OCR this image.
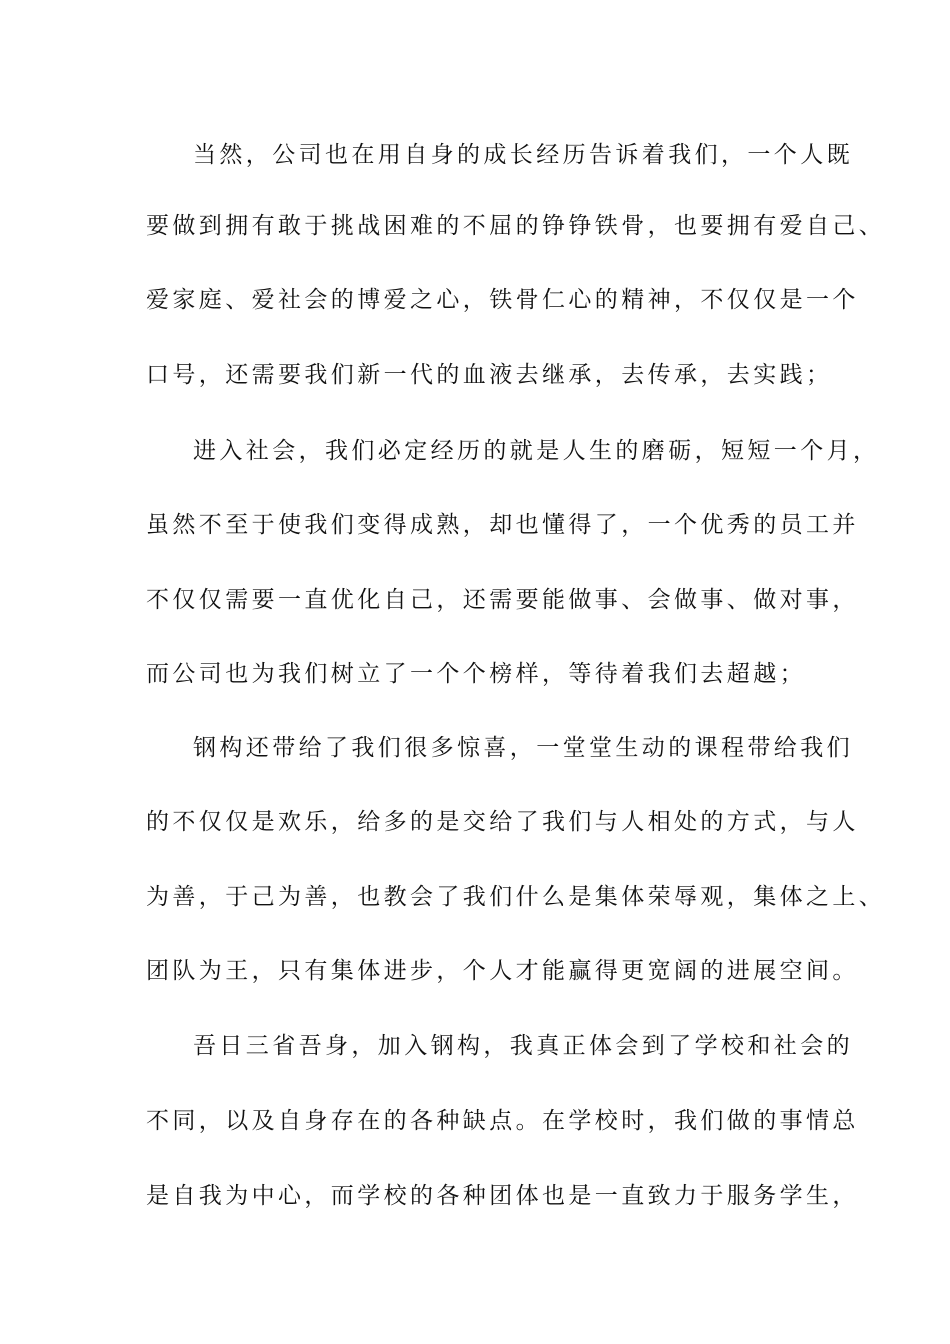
当然，公司也在用自身的成长经历告诉着我们，一个人既
要做到拥有敢于挑战困难的不屈的铮铮铁骨，也要拥有爱自己、
爱家庭、爱社会的博爱之心，铁骨仁心的精神，不仅仅是一个
口号，还需要我们新一代的血液去继承，去传承，去实践；
进入社会，我们必定经历的就是人生的磨砺，短短一个月，
虽然不至于使我们变得成熟，却也懂得了，一个优秀的员工并
不仅仅需要一直优化自己，还需要能做事、会做事、做对事，
而公司也为我们树立了一个个榜样，等待着我们去超越；
钢构还带给了我们很多惊喜，一堂堂生动的课程带给我们
的不仅仅是欢乐，给多的是交给了我们与人相处的方式，与人
为善，于己为善，也教会了我们什么是集体荣辱观，集体之上、
团队为王，只有集体进步，个人才能赢得更宽阔的进展空间。
吾日三省吾身，加入钢构，我真正体会到了学校和社会的
不同，以及自身存在的各种缺点。在学校时，我们做的事情总
是自我为中心，而学校的各种团体也是一直致力于服务学生，
